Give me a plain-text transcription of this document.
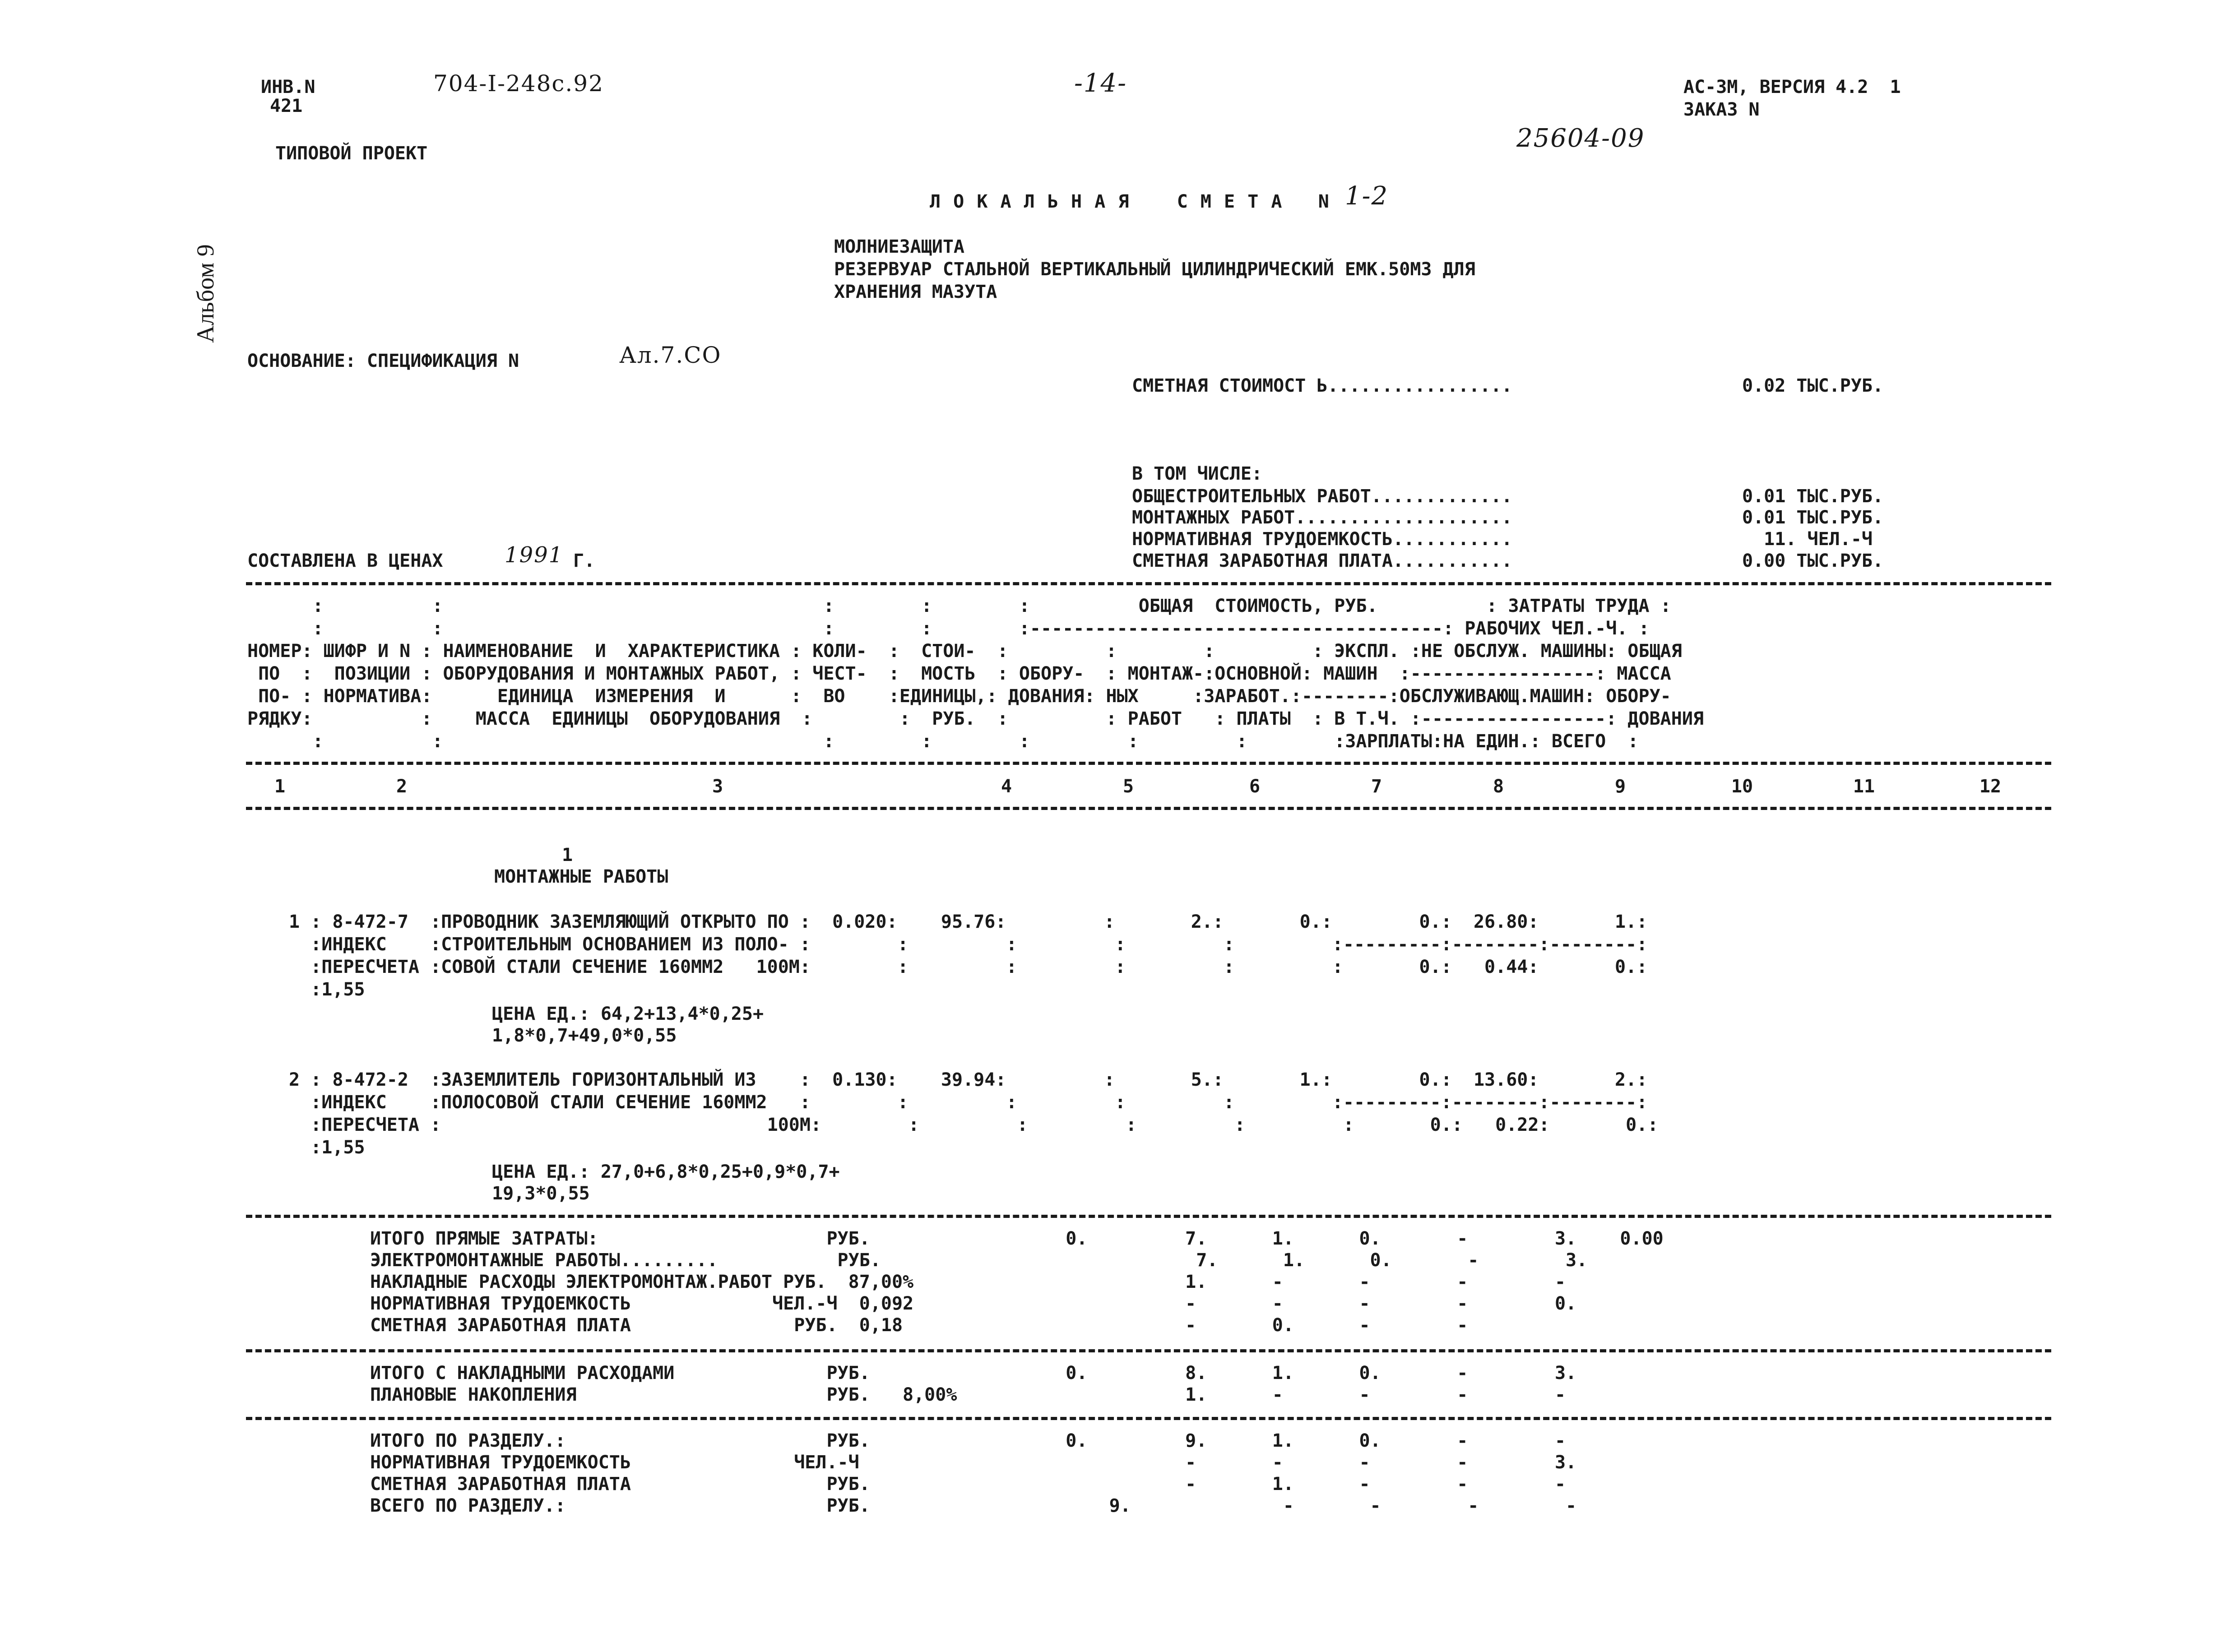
ИНВ.N
421
704-I-248с.92	-14-	АС-3М, ВЕРСИЯ 4.2  1
ЗАКАЗ N
ТИПОВОЙ ПРОЕКТ
25604-09
Альбом 9
Л О К А Л Ь Н А Я    С М Е Т А   N 1-2
МОЛНИЕЗАЩИТА
РЕЗЕРВУАР СТАЛЬНОЙ ВЕРТИКАЛЬНЫЙ ЦИЛИНДРИЧЕСКИЙ ЕМК.50М3 ДЛЯ
ХРАНЕНИЯ МАЗУТА
ОСНОВАНИЕ: СПЕЦИФИКАЦИЯ N	Ал.7.СО
СМЕТНАЯ СТОИМОСТ Ь.................	0.02 ТЫС.РУБ.
В ТОМ ЧИСЛЕ:
ОБЩЕСТРОИТЕЛЬНЫХ РАБОТ.............	0.01 ТЫС.РУБ.
МОНТАЖНЫХ РАБОТ....................	0.01 ТЫС.РУБ.
НОРМАТИВНАЯ ТРУДОЕМКОСТЬ...........	11. ЧЕЛ.-Ч
СМЕТНАЯ ЗАРАБОТНАЯ ПЛАТА...........	0.00 ТЫС.РУБ.
СОСТАВЛЕНА В ЦЕНАХ	1991 Г.
:          :                                   :        :        :          ОБЩАЯ  СТОИМОСТЬ, РУБ.          : ЗАТРАТЫ ТРУДА :
:          :                                   :        :        :--------------------------------------: РАБОЧИХ ЧЕЛ.-Ч. :
НОМЕР: ШИФР И N : НАИМЕНОВАНИЕ  И  ХАРАКТЕРИСТИКА : КОЛИ-  :  СТОИ-  :         :        :         : ЭКСПЛ. :НЕ ОБСЛУЖ. МАШИНЫ: ОБЩАЯ
ПО  :  ПОЗИЦИИ : ОБОРУДОВАНИЯ И МОНТАЖНЫХ РАБОТ, : ЧЕСТ-  :  МОСТЬ  : ОБОРУ-  : МОНТАЖ-:ОСНОВНОЙ: МАШИН  :-----------------: МАССА
ПО- : НОРМАТИВА:      ЕДИНИЦА  ИЗМЕРЕНИЯ  И      :  ВО    :ЕДИНИЦЫ,: ДОВАНИЯ: НЫХ     :ЗАРАБОТ.:--------:ОБСЛУЖИВАЮЩ.МАШИН: ОБОРУ-
РЯДКУ:          :    МАССА  ЕДИНИЦЫ  ОБОРУДОВАНИЯ  :        :  РУБ.  :         : РАБОТ   : ПЛАТЫ  : В Т.Ч. :-----------------: ДОВАНИЯ
:          :                                   :        :        :         :         :        :ЗАРПЛАТЫ:НА ЕДИН.: ВСЕГО  :
1	2	3	4	5	6	7	8	9	10	11	12
1
МОНТАЖНЫЕ РАБОТЫ
1 : 8-472-7  :ПРОВОДНИК ЗАЗЕМЛЯЮЩИЙ ОТКРЫТО ПО :  0.020:    95.76:         :       2.:       0.:        0.:  26.80:       1.:
:ИНДЕКС    :СТРОИТЕЛЬНЫМ ОСНОВАНИЕМ ИЗ ПОЛО- :        :         :         :         :         :---------:--------:--------:
:ПЕРЕСЧЕТА :СОВОЙ СТАЛИ СЕЧЕНИЕ 160ММ2   100М:        :         :         :         :         :       0.:   0.44:       0.:
:1,55
ЦЕНА ЕД.: 64,2+13,4*0,25+
1,8*0,7+49,0*0,55
2 : 8-472-2  :ЗАЗЕМЛИТЕЛЬ ГОРИЗОНТАЛЬНЫЙ ИЗ    :  0.130:    39.94:         :       5.:       1.:        0.:  13.60:       2.:
:ИНДЕКС    :ПОЛОСОВОЙ СТАЛИ СЕЧЕНИЕ 160ММ2   :        :         :         :         :         :---------:--------:--------:
:ПЕРЕСЧЕТА :                              100М:        :         :         :         :         :       0.:   0.22:       0.:
:1,55
ЦЕНА ЕД.: 27,0+6,8*0,25+0,9*0,7+
19,3*0,55
ИТОГО ПРЯМЫЕ ЗАТРАТЫ:                     РУБ.                  0.         7.      1.      0.       -        3.    0.00
ЭЛЕКТРОМОНТАЖНЫЕ РАБОТЫ.........           РУБ.                             7.      1.      0.       -        3.
НАКЛАДНЫЕ РАСХОДЫ ЭЛЕКТРОМОНТАЖ.РАБОТ РУБ.  87,00%                         1.      -       -        -        -
НОРМАТИВНАЯ ТРУДОЕМКОСТЬ             ЧЕЛ.-Ч  0,092                         -       -       -        -        0.
СМЕТНАЯ ЗАРАБОТНАЯ ПЛАТА               РУБ.  0,18                          -       0.      -        -
ИТОГО С НАКЛАДНЫМИ РАСХОДАМИ              РУБ.                  0.         8.      1.      0.       -        3.
ПЛАНОВЫЕ НАКОПЛЕНИЯ                       РУБ.   8,00%                     1.      -       -        -        -
ИТОГО ПО РАЗДЕЛУ.:                        РУБ.                  0.         9.      1.      0.       -        -
НОРМАТИВНАЯ ТРУДОЕМКОСТЬ               ЧЕЛ.-Ч                              -       -       -        -        3.
СМЕТНАЯ ЗАРАБОТНАЯ ПЛАТА                  РУБ.                             -       1.      -        -        -
ВСЕГО ПО РАЗДЕЛУ.:                        РУБ.                      9.              -       -        -        -
